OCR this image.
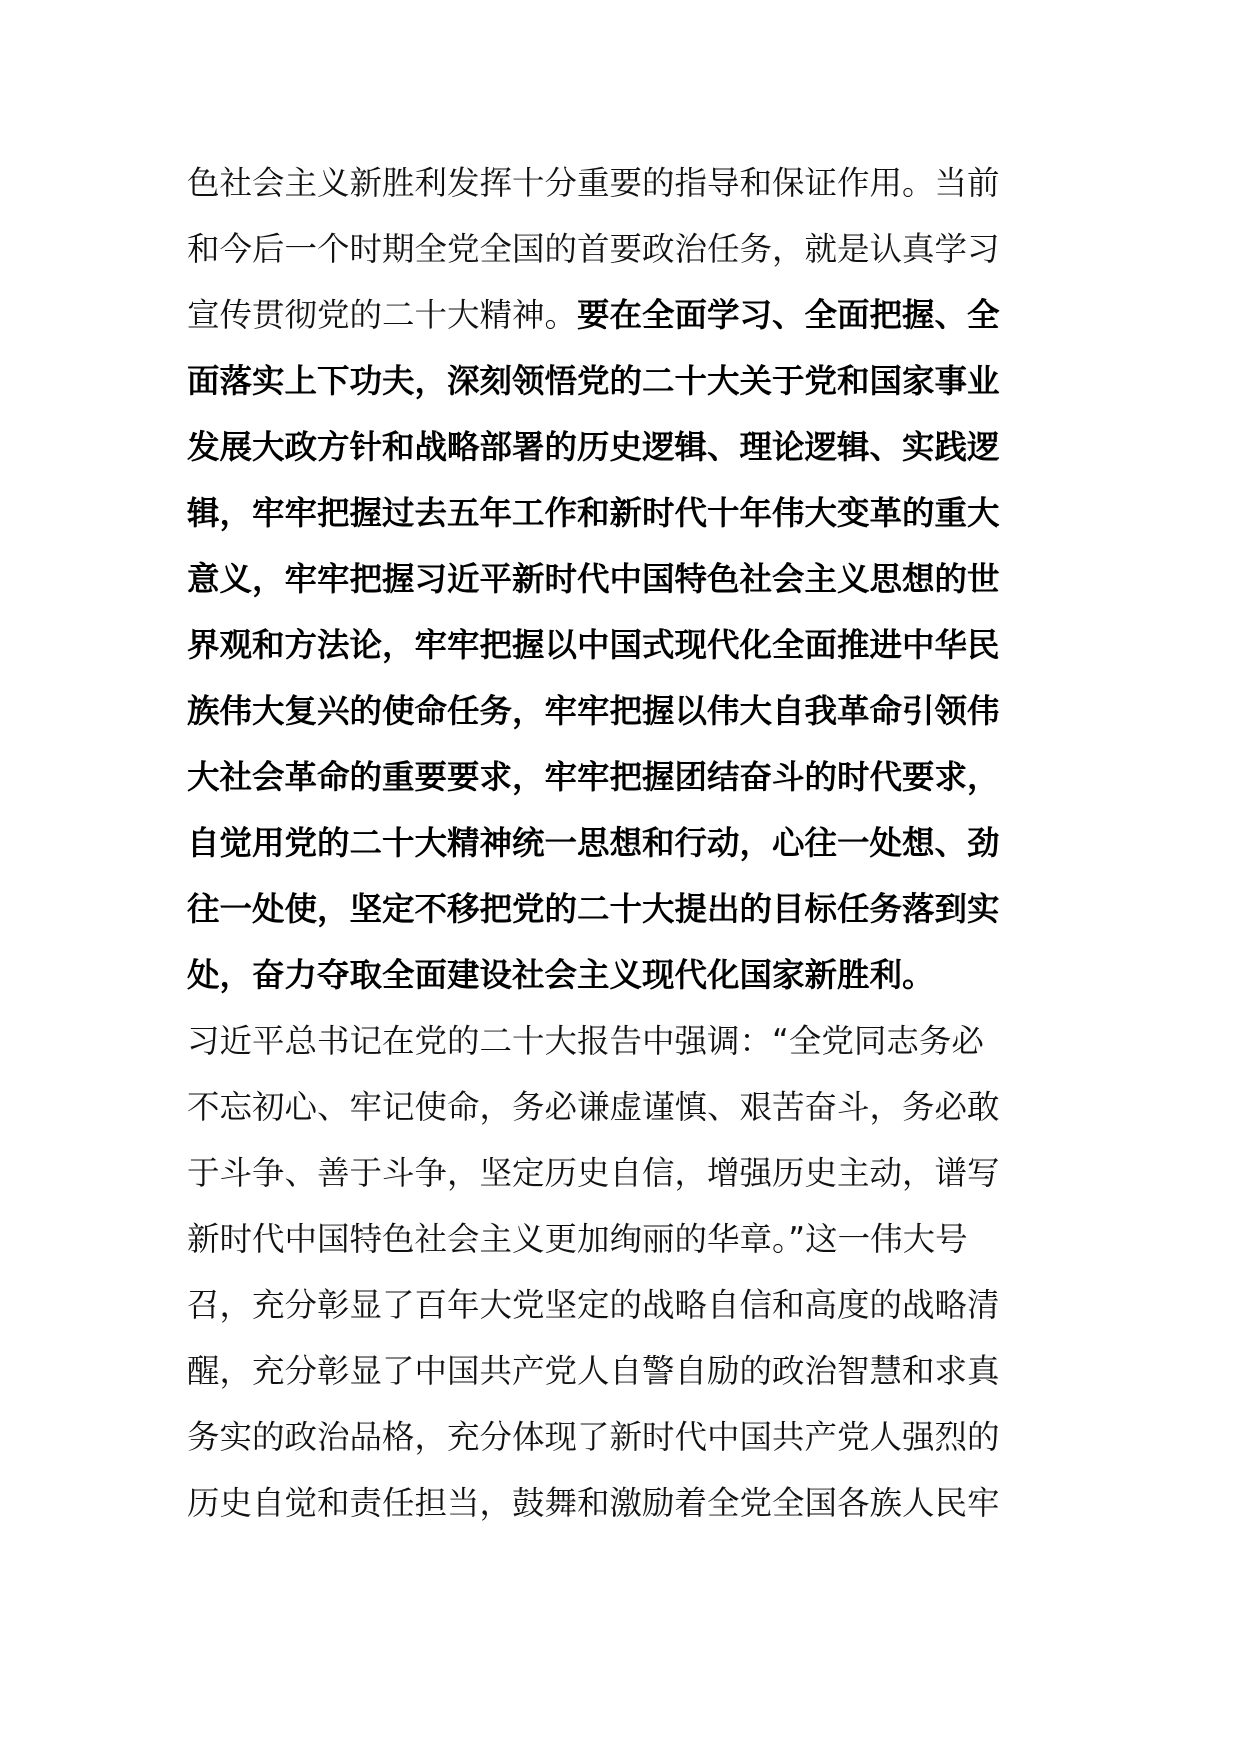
色社会主义新胜利发挥十分重要的指导和保证作用。当前
和今后一个时期全党全国的首要政治任务，就是认真学习
宣传贯彻党的二十大精神。要在全面学习、全面把握、全
面落实上下功夫，深刻领悟党的二十大关于党和国家事业
发展大政方针和战略部署的历史逻辑、理论逻辑、实践逻
辑，牢牢把握过去五年工作和新时代十年伟大变革的重大
意义，牢牢把握习近平新时代中国特色社会主义思想的世
界观和方法论，牢牢把握以中国式现代化全面推进中华民
族伟大复兴的使命任务，牢牢把握以伟大自我革命引领伟
大社会革命的重要要求，牢牢把握团结奋斗的时代要求，
自觉用党的二十大精神统一思想和行动，心往一处想、劲
往一处使，坚定不移把党的二十大提出的目标任务落到实
处，奋力夺取全面建设社会主义现代化国家新胜利。
习近平总书记在党的二十大报告中强调：“全党同志务必
不忘初心、牢记使命，务必谦虚谨慎、艰苦奋斗，务必敢
于斗争、善于斗争，坚定历史自信，增强历史主动，谱写
新时代中国特色社会主义更加绚丽的华章。”这一伟大号
召，充分彰显了百年大党坚定的战略自信和高度的战略清
醒，充分彰显了中国共产党人自警自励的政治智慧和求真
务实的政治品格，充分体现了新时代中国共产党人强烈的
历史自觉和责任担当，鼓舞和激励着全党全国各族人民牢
